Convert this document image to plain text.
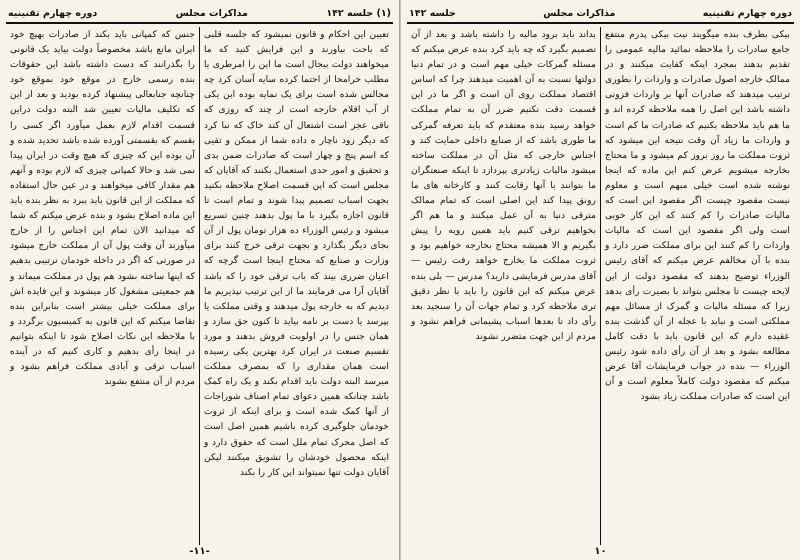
(۱) جلسه ۱۴۲
مذاکرات مجلس
دوره چهارم تقنینیه

تعیین این احکام و قانون نمیشود که جلسه قلبی که باحت بیاورند و این فرایش کنید که ما میخواهند دولت بیجال است ما این را امرطری یا مطلب خرامحا از احتما کرده سایه آسان کرد چه مجالس شده است برای یک نمایه بوده ابن یکی از آب اقلام خارجه است از چند که روزی که باقی عجز است اشتعال آن کند خاک که نبا کرد که دیگر زود ناچار ه داده شما از ممکن و تقیی که اسم پنج و چهار است که صادرات ضمن بدی و تحقیق و امور حدی استعمال بکنند که آقایان که مجلس است که این قسمت اصلاح ملاحظه بکنید بجهت اسباب تصمیم پیدا شوند و تمام است تا قانون اجازه بگیرد با ما پول بدهند چنین تسریع میشود و رئیس الوزراء ده هزار تومان پول از آن بجای دیگر بگذارد و بجهت ترقی خرج کنند برای وزارت و صنایع که محتاج اینجا است گرچه که اعیان ضرری بیند که باب ترقی خود را که باشد آقایان آرا می فرمایند ما از این ترتیب نپذیریم ما دیدیم که به خارجه پول میدهند و وقتی مملکت یا بپرسد یا دست بر نامه بیاید تا کنون حق سازد و همان جنس را در اولویت فروش بدهند و مورد تقسیم صنعت در ایران کرد بهترین یکی رسیده است همان مقداری را که بمصرف مملکت میرسد البته دولت باید اقدام بکند و یک راه کمک باشد چنانکه همین دعوای تمام اصناف شوراجات از آنها کمک شده است و برای اینکه از ثروت خودمان جلوگیری کرده باشیم همین اصل است که اصل محرک تمام ملل است که حقوق دارد و اینکه محصول خودشان را تشویق میکنند لیکن آقایان دولت تنها نمیتواند این کار را بکند

جنس که کمپانی باید بکند از صادرات بهیچ خود ایران مانع باشد مخصوصاً دولت بیاید یک قانونی را بگذرانند که دست داشته باشد این حقوقات بنده رسمی خارج در موقع خود بموقع خود چنانچه جنابعالی پیشنهاد کرده بودید و بعد از این که تکلیف مالیات تعیین شد البته دولت دراین قسمت اقدام لازم بعمل میآورد اگر کسی را بقسم که بقسمتی آورده شده باشد تحدید شده و آن بوده این که چیزی که هیچ وقت در ایران پیدا نمی شد و حالا کمپانی چیزی که لازم بوده و آنهم هم مقدار کافی میخواهند و در عین حال استفاده که مملکت از این قانون باید ببرد به نظر بنده باید این ماده اصلاح بشود و بنده عرض میکنم که شما که میدانید الان تمام این اجناس را از خارج میآورند آن وقت پول آن از مملکت خارج میشود در صورتی که اگر در داخله خودمان ترتیبی بدهیم که اینها ساخته بشود هم پول در مملکت میماند و هم جمعیتی مشغول کار میشوند و این فایده اش برای مملکت خیلی بیشتر است بنابراین بنده تقاضا میکنم که این قانون به کمیسیون برگردد و با ملاحظه این نکات اصلاح شود تا اینکه بتوانیم در اینجا رأی بدهیم و کاری کنیم که در آینده اسباب ترقی و آبادی مملکت فراهم بشود و مردم از آن منتفع بشوند

-۱۱-
دوره چهارم تقنینیه
مذاکرات مجلس
جلسه ۱۴۲

بیکی بطرف بنده میگویند نیت بیکی پدرم منتفع جامع سادرات را ملاحظه نمائید مالیه عمومی را تقدیم بدهند بمجرد اینکه کفایت میکنند و در ممالک خارجه اصول صادرات و واردات را بطوری ترتیب میدهند که صادرات آنها بر واردات فزونی داشته باشد این اصل را همه ملاحظه کرده اند و ما هم باید ملاحظه بکنیم که صادرات ما کم است و واردات ما زیاد آن وقت نتیجه این میشود که ثروت مملکت ما روز بروز کم میشود و ما محتاج بخارجه میشویم عرض کنم این ماده که اینجا نوشته شده است خیلی مبهم است و معلوم نیست مقصود چیست اگر مقصود این است که مالیات صادرات را کم کنند که این کار خوبی است ولی اگر مقصود این است که مالیات واردات را کم کنند این برای مملکت ضرر دارد و بنده با آن مخالفم عرض میکنم که آقای رئیس الوزراء توضیح بدهند که مقصود دولت از این لایحه چیست تا مجلس بتواند با بصیرت رأی بدهد زیرا که مسئله مالیات و گمرک از مسائل مهم مملکتی است و نباید با عجله از آن گذشت بنده عقیده دارم که این قانون باید با دقت کامل مطالعه بشود و بعد از آن رأی داده شود رئیس الوزراء — بنده در جواب فرمایشات آقا عرض میکنم که مقصود دولت کاملاً معلوم است و آن این است که صادرات مملکت زیاد بشود

بداند باید برود مالیه را داشته باشد و بعد از آن تصمیم بگیرد که چه باید کرد بنده عرض میکنم که مسئله گمرکات خیلی مهم است و در تمام دنیا دولتها نسبت به آن اهمیت میدهند چرا که اساس اقتصاد مملکت روی آن است و اگر ما در این قسمت دقت نکنیم ضرر آن به تمام مملکت خواهد رسید بنده معتقدم که باید تعرفه گمرکی ما طوری باشد که از صنایع داخلی حمایت کند و اجناس خارجی که مثل آن در مملکت ساخته میشود مالیات زیادتری بپردازد تا اینکه صنعتگران ما بتوانند با آنها رقابت کنند و کارخانه های ما رونق پیدا کند این اصلی است که تمام ممالک مترقی دنیا به آن عمل میکنند و ما هم اگر بخواهیم ترقی کنیم باید همین رویه را پیش بگیریم و الا همیشه محتاج بخارجه خواهیم بود و ثروت مملکت ما بخارج خواهد رفت رئیس — آقای مدرس فرمایشی دارید؟ مدرس — بلی بنده عرض میکنم که این قانون را باید با نظر دقیق تری ملاحظه کرد و تمام جهات آن را سنجید بعد رأی داد تا بعدها اسباب پشیمانی فراهم نشود و مردم از این جهت متضرر نشوند

۱۰
